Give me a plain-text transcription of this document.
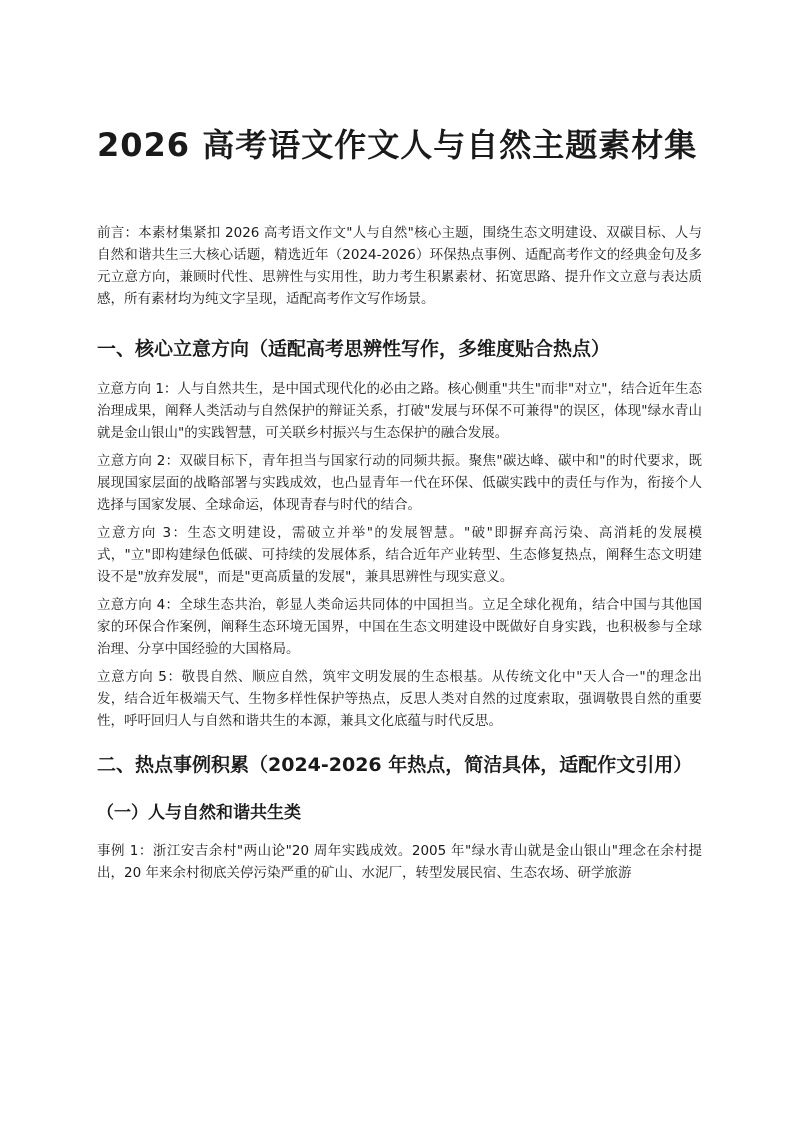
2026 高考语文作文人与自然主题素材集

前言：本素材集紧扣 2026 高考语文作文"人与自然"核心主题，围绕生态文明建设、双碳目标、人与自然和谐共生三大核心话题，精选近年（2024-2026）环保热点事例、适配高考作文的经典金句及多元立意方向，兼顾时代性、思辨性与实用性，助力考生积累素材、拓宽思路、提升作文立意与表达质感，所有素材均为纯文字呈现，适配高考作文写作场景。

一、核心立意方向（适配高考思辨性写作，多维度贴合热点）

立意方向 1：人与自然共生，是中国式现代化的必由之路。核心侧重"共生"而非"对立"，结合近年生态治理成果，阐释人类活动与自然保护的辩证关系，打破"发展与环保不可兼得"的误区，体现"绿水青山就是金山银山"的实践智慧，可关联乡村振兴与生态保护的融合发展。

立意方向 2：双碳目标下，青年担当与国家行动的同频共振。聚焦"碳达峰、碳中和"的时代要求，既展现国家层面的战略部署与实践成效，也凸显青年一代在环保、低碳实践中的责任与作为，衔接个人选择与国家发展、全球命运，体现青春与时代的结合。

立意方向 3：生态文明建设，需破立并举"的发展智慧。"破"即摒弃高污染、高消耗的发展模式，"立"即构建绿色低碳、可持续的发展体系，结合近年产业转型、生态修复热点，阐释生态文明建设不是"放弃发展"，而是"更高质量的发展"，兼具思辨性与现实意义。

立意方向 4：全球生态共治，彰显人类命运共同体的中国担当。立足全球化视角，结合中国与其他国家的环保合作案例，阐释生态环境无国界，中国在生态文明建设中既做好自身实践，也积极参与全球治理、分享中国经验的大国格局。

立意方向 5：敬畏自然、顺应自然，筑牢文明发展的生态根基。从传统文化中"天人合一"的理念出发，结合近年极端天气、生物多样性保护等热点，反思人类对自然的过度索取，强调敬畏自然的重要性，呼吁回归人与自然和谐共生的本源，兼具文化底蕴与时代反思。

二、热点事例积累（2024-2026 年热点，简洁具体，适配作文引用）
（一）人与自然和谐共生类

事例 1：浙江安吉余村"两山论"20 周年实践成效。2005 年"绿水青山就是金山银山"理念在余村提出，20 年来余村彻底关停污染严重的矿山、水泥厂，转型发展民宿、生态农场、研学旅游
